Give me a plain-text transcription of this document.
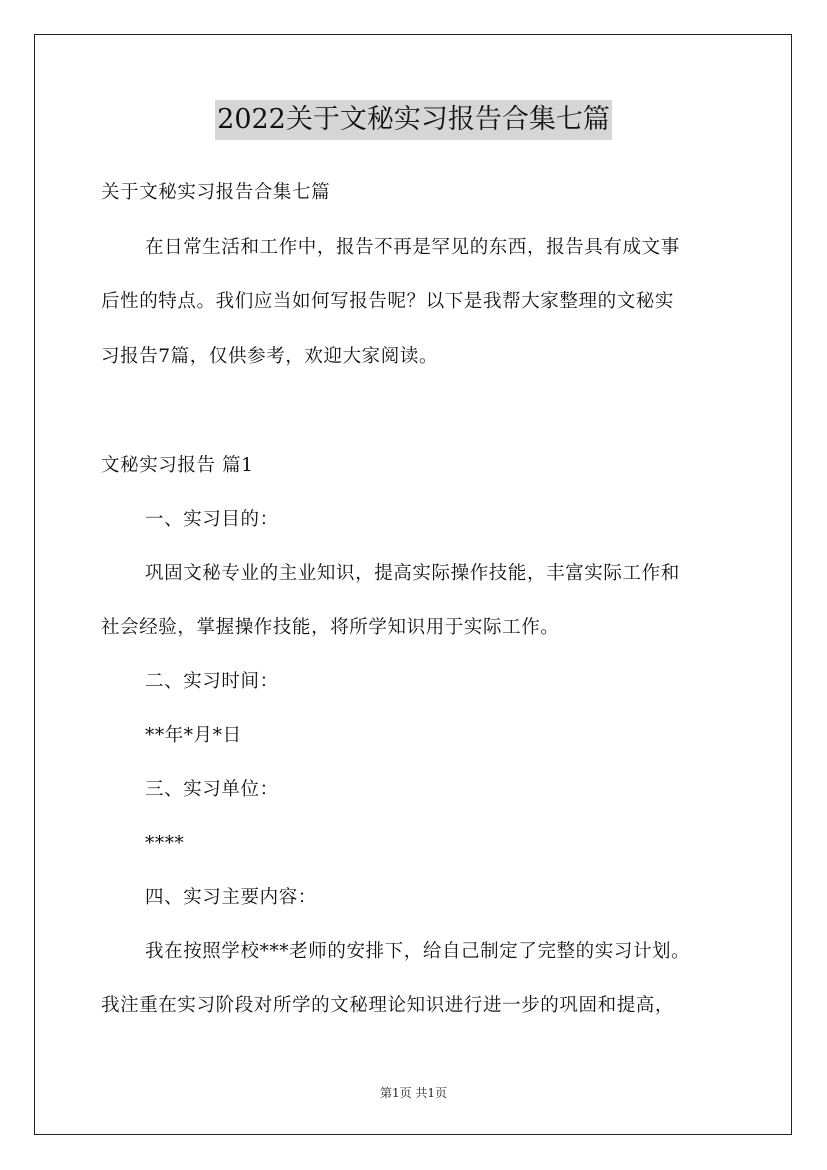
2022关于文秘实习报告合集七篇
关于文秘实习报告合集七篇
在日常生活和工作中，报告不再是罕见的东西，报告具有成文事
后性的特点。我们应当如何写报告呢？以下是我帮大家整理的文秘实
习报告7篇，仅供参考，欢迎大家阅读。
文秘实习报告 篇1
一、实习目的：
巩固文秘专业的主业知识，提高实际操作技能，丰富实际工作和
社会经验，掌握操作技能，将所学知识用于实际工作。
二、实习时间：
**年*月*日
三、实习单位：
****
四、实习主要内容：
我在按照学校***老师的安排下，给自己制定了完整的实习计划。
我注重在实习阶段对所学的文秘理论知识进行进一步的巩固和提高，
第1页 共1页
